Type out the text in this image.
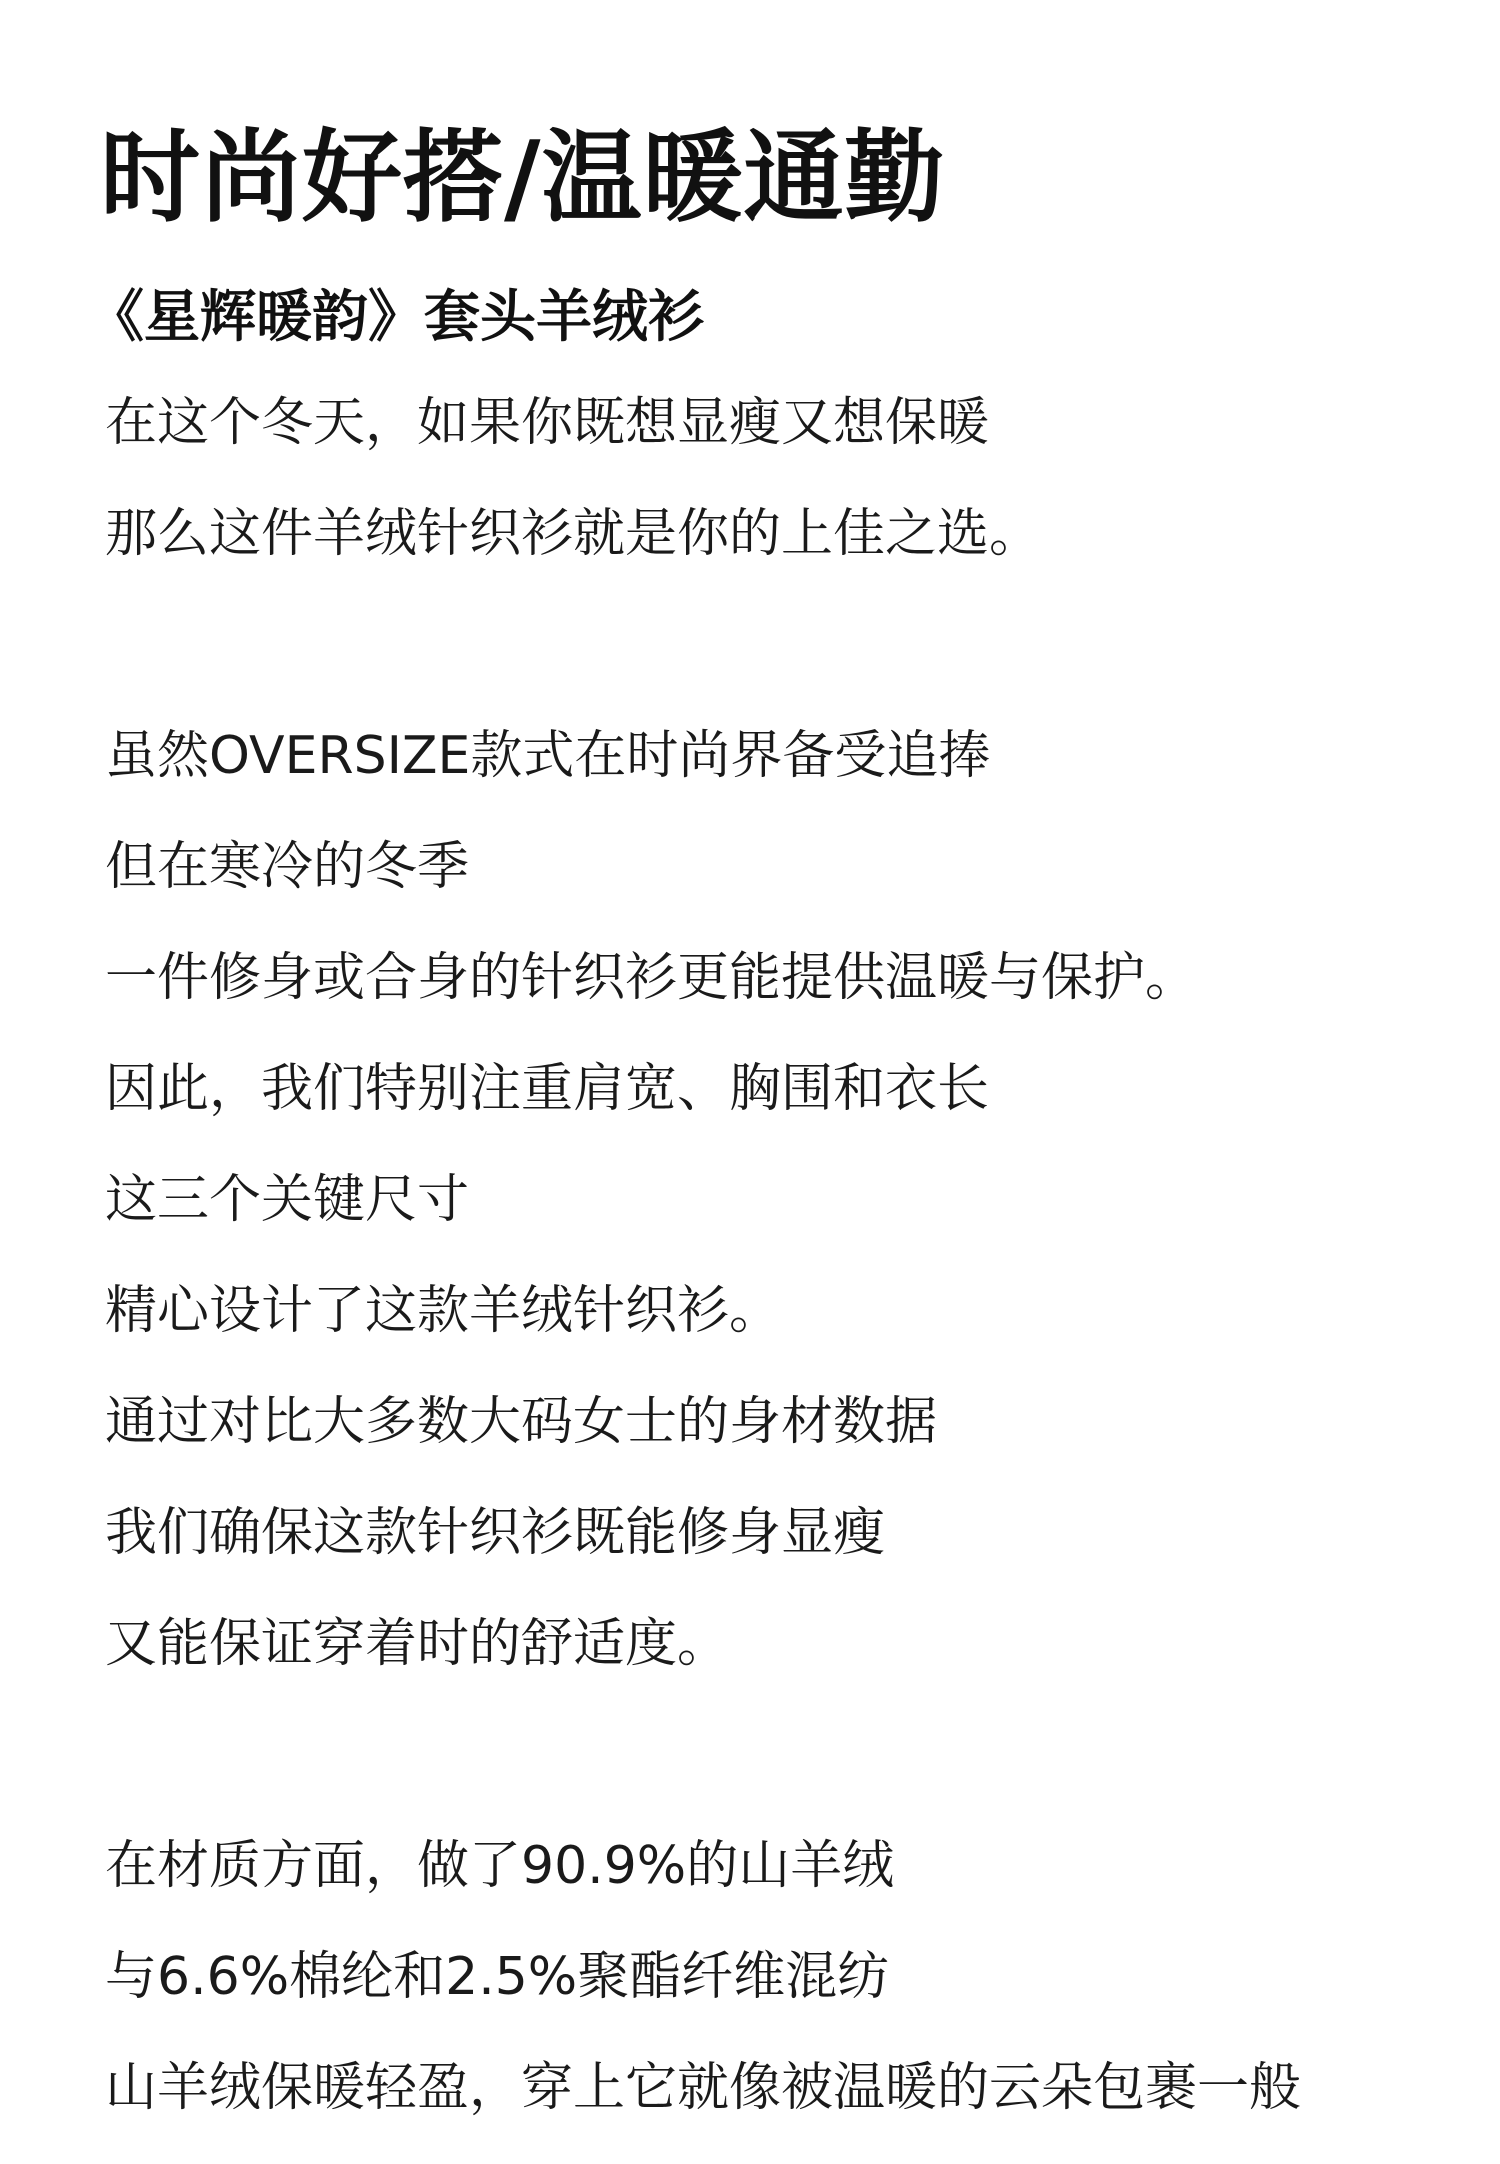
时尚好搭/温暖通勤
《星辉暖韵》套头羊绒衫
在这个冬天，如果你既想显瘦又想保暖
那么这件羊绒针织衫就是你的上佳之选。
虽然OVERSIZE款式在时尚界备受追捧
但在寒冷的冬季
一件修身或合身的针织衫更能提供温暖与保护。
因此，我们特别注重肩宽、胸围和衣长
这三个关键尺寸
精心设计了这款羊绒针织衫。
通过对比大多数大码女士的身材数据
我们确保这款针织衫既能修身显瘦
又能保证穿着时的舒适度。
在材质方面，做了90.9%的山羊绒
与6.6%棉纶和2.5%聚酯纤维混纺
山羊绒保暖轻盈，穿上它就像被温暖的云朵包裹一般
